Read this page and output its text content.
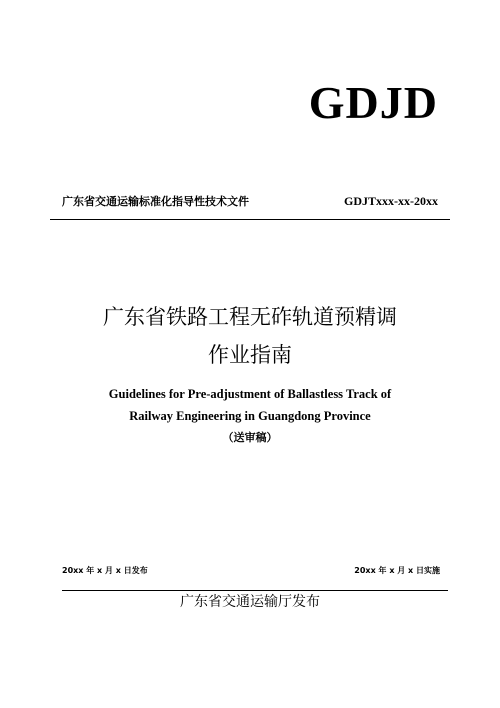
GDJD
广东省交通运输标准化指导性技术文件	GDJTxxx-xx-20xx
广东省铁路工程无砟轨道预精调
作业指南
Guidelines for Pre-adjustment of Ballastless Track of
Railway Engineering in Guangdong Province
（送审稿）
20xx 年 x 月 x 日发布	20xx 年 x 月 x 日实施
广东省交通运输厅发布
